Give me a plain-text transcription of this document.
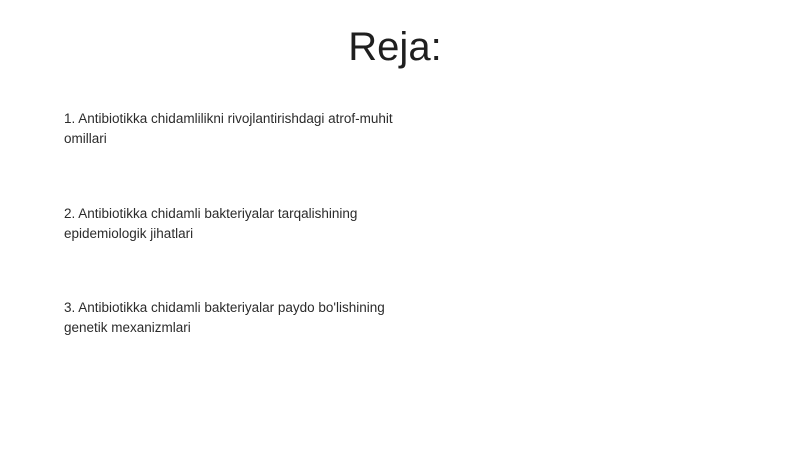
Reja:

1. Antibiotikka chidamlilikni rivojlantirishdagi atrof-muhit omillari

2. Antibiotikka chidamli bakteriyalar tarqalishining epidemiologik jihatlari

3. Antibiotikka chidamli bakteriyalar paydo bo'lishining genetik mexanizmlari
